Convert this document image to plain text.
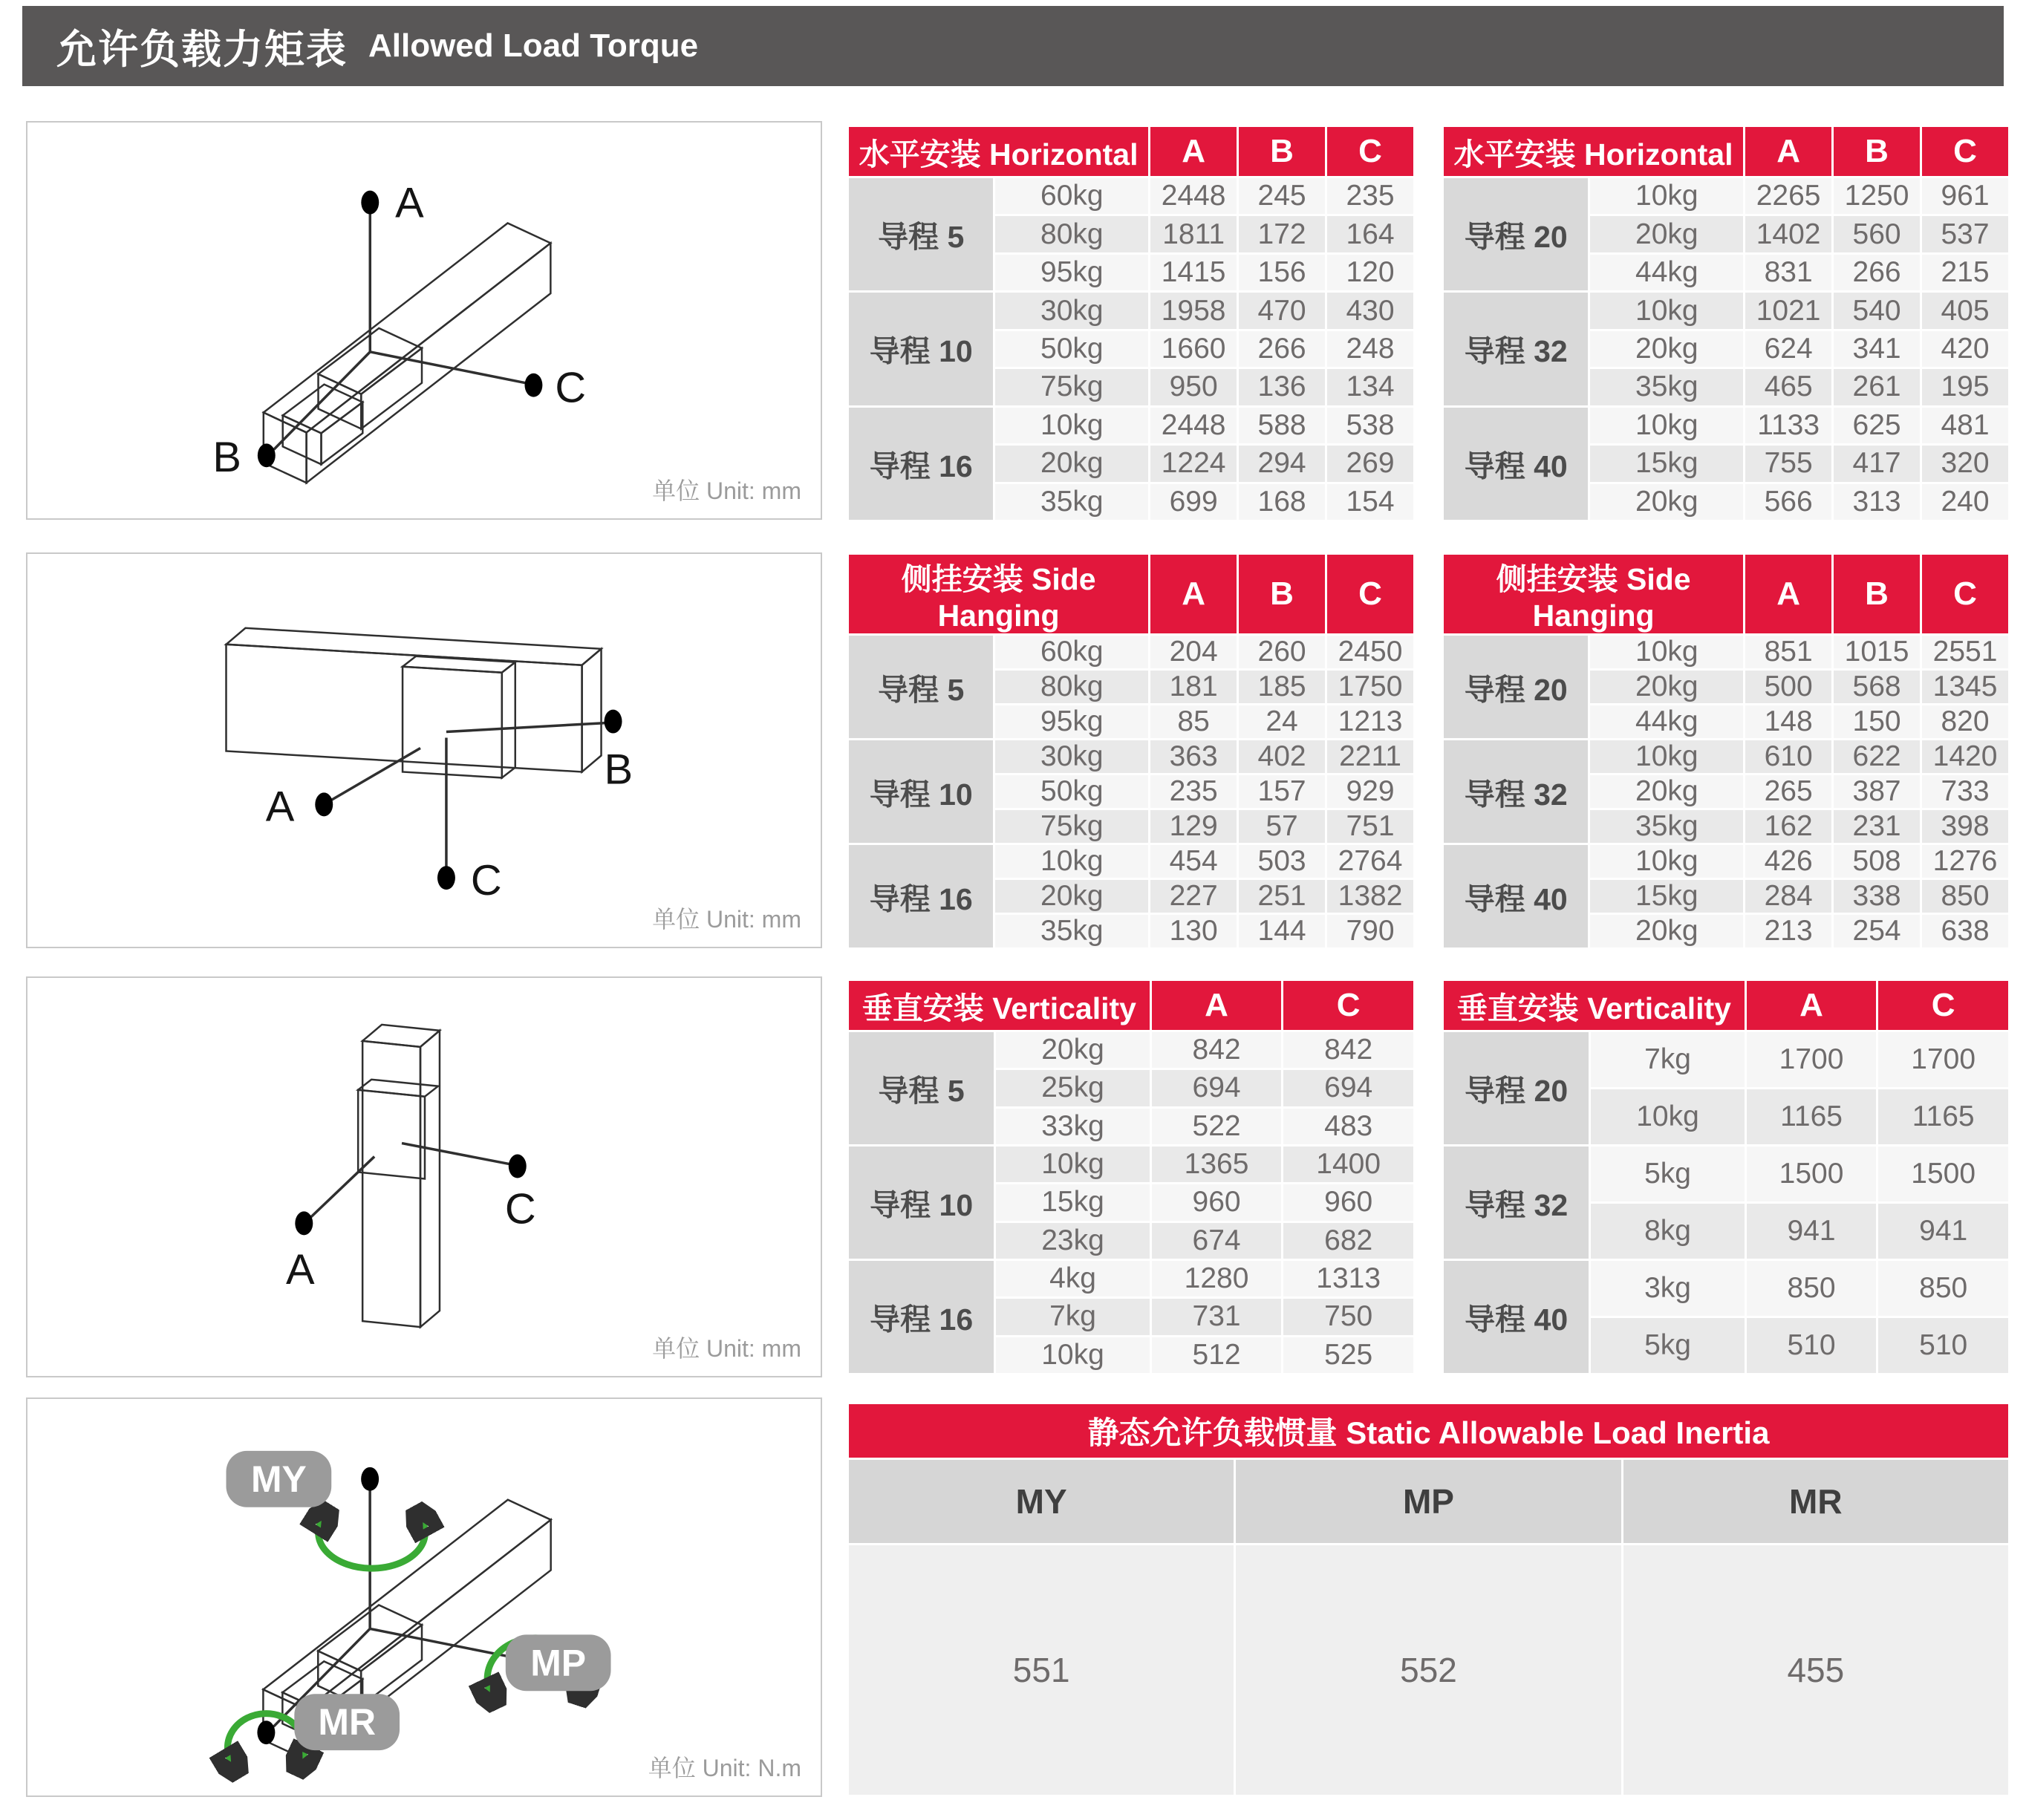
允许负载力矩表 Allowed Load Torque
A
C
B
单位 Unit: mm
A
B
C
单位 Unit: mm
A
C
单位 Unit: mm
MY
MP
MR
单位 Unit: N.m
水平安装 Horizontal		A	B	C
导程 5	60kg	2448	245	235
	80kg	1811	172	164
	95kg	1415	156	120
导程 10	30kg	1958	470	430
	50kg	1660	266	248
	75kg	950	136	134
导程 16	10kg	2448	588	538
	20kg	1224	294	269
	35kg	699	168	154
水平安装 Horizontal		A	B	C
导程 20	10kg	2265	1250	961
	20kg	1402	560	537
	44kg	831	266	215
导程 32	10kg	1021	540	405
	20kg	624	341	420
	35kg	465	261	195
导程 40	10kg	1133	625	481
	15kg	755	417	320
	20kg	566	313	240
侧挂安装 Side Hanging		A	B	C
导程 5	60kg	204	260	2450
	80kg	181	185	1750
	95kg	85	24	1213
导程 10	30kg	363	402	2211
	50kg	235	157	929
	75kg	129	57	751
导程 16	10kg	454	503	2764
	20kg	227	251	1382
	35kg	130	144	790
侧挂安装 Side Hanging		A	B	C
导程 20	10kg	851	1015	2551
	20kg	500	568	1345
	44kg	148	150	820
导程 32	10kg	610	622	1420
	20kg	265	387	733
	35kg	162	231	398
导程 40	10kg	426	508	1276
	15kg	284	338	850
	20kg	213	254	638
垂直安装 Verticality		A	C
导程 5	20kg	842	842
	25kg	694	694
	33kg	522	483
导程 10	10kg	1365	1400
	15kg	960	960
	23kg	674	682
导程 16	4kg	1280	1313
	7kg	731	750
	10kg	512	525
垂直安装 Verticality		A	C
导程 20	7kg	1700	1700
	10kg	1165	1165
导程 32	5kg	1500	1500
	8kg	941	941
导程 40	3kg	850	850
	5kg	510	510
静态允许负载惯量 Static Allowable Load Inertia		
MY	MP	MR
551	552	455
